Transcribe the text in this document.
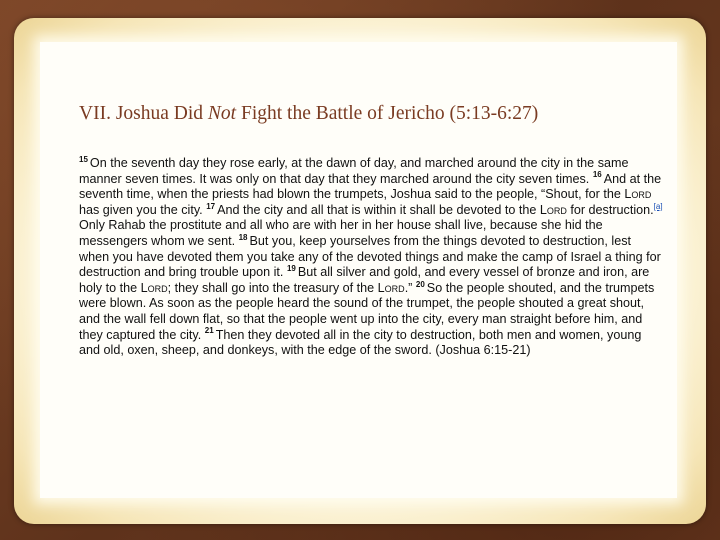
VII. Joshua Did Not Fight the Battle of Jericho (5:13-6:27)
$^{15}$ On the seventh day they rose early, at the dawn of day, and marched around the city in the same manner seven times. It was only on that day that they marched around the city seven times. $^{16}$ And at the seventh time, when the priests had blown the trumpets, Joshua said to the people, “Shout, for the Lord has given you the city. $^{17}$ And the city and all that is within it shall be devoted to the Lord for destruction.[a] Only Rahab the prostitute and all who are with her in her house shall live, because she hid the messengers whom we sent. $^{18}$ But you, keep yourselves from the things devoted to destruction, lest when you have devoted them you take any of the devoted things and make the camp of Israel a thing for destruction and bring trouble upon it. $^{19}$ But all silver and gold, and every vessel of bronze and iron, are holy to the Lord; they shall go into the treasury of the Lord.” $^{20}$ So the people shouted, and the trumpets were blown. As soon as the people heard the sound of the trumpet, the people shouted a great shout, and the wall fell down flat, so that the people went up into the city, every man straight before him, and they captured the city. $^{21}$ Then they devoted all in the city to destruction, both men and women, young and old, oxen, sheep, and donkeys, with the edge of the sword. (Joshua 6:15-21)
